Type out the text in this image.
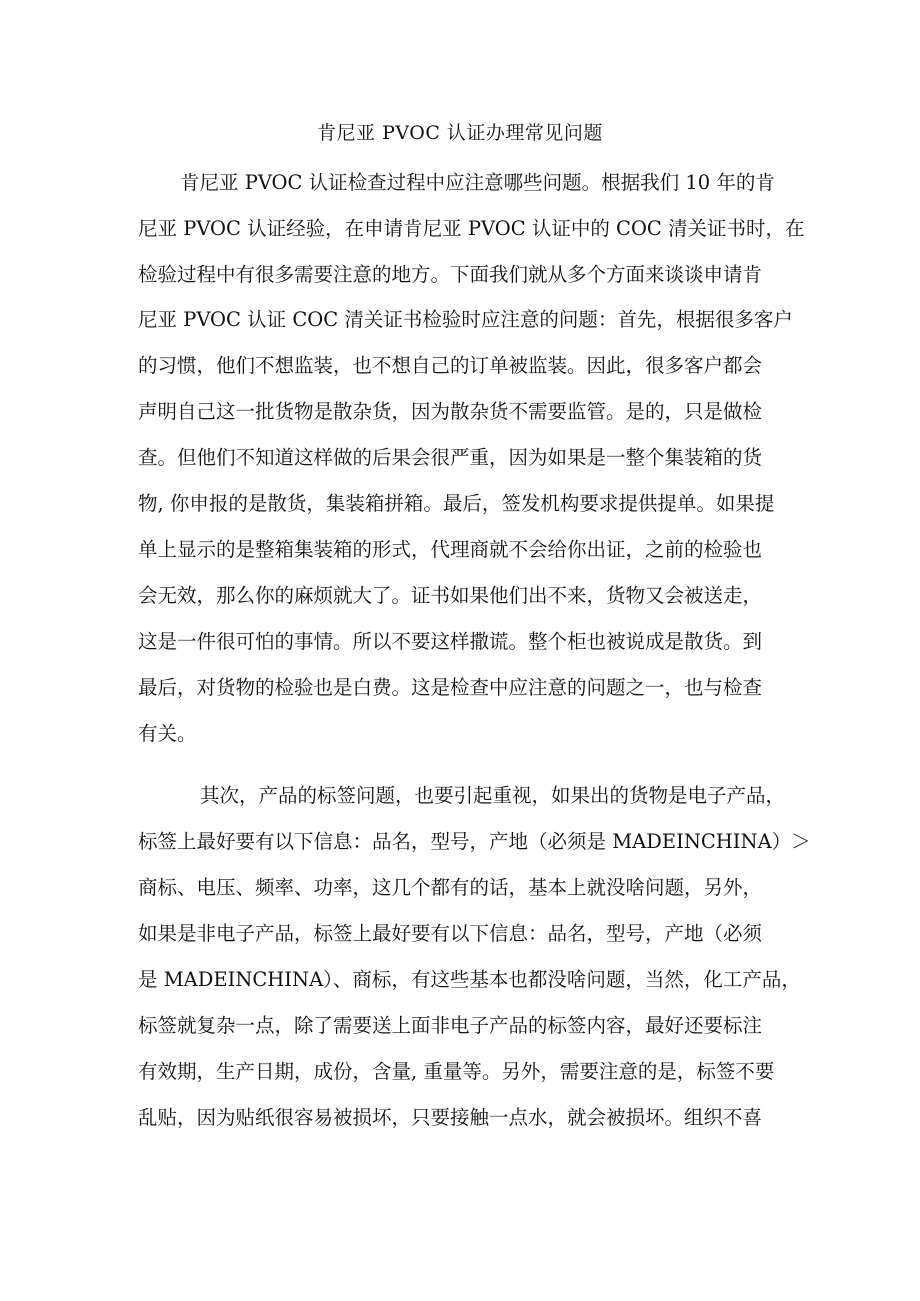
肯尼亚 PVOC 认证办理常见问题
肯尼亚 PVOC 认证检查过程中应注意哪些问题。根据我们 10 年的肯
尼亚 PVOC 认证经验，在申请肯尼亚 PVOC 认证中的 COC 清关证书时，在
检验过程中有很多需要注意的地方。下面我们就从多个方面来谈谈申请肯
尼亚 PVOC 认证 COC 清关证书检验时应注意的问题：首先，根据很多客户
的习惯，他们不想监装，也不想自己的订单被监装。因此，很多客户都会
声明自己这一批货物是散杂货，因为散杂货不需要监管。是的，只是做检
查。但他们不知道这样做的后果会很严重，因为如果是一整个集装箱的货
物, 你申报的是散货，集装箱拼箱。最后，签发机构要求提供提单。如果提
单上显示的是整箱集装箱的形式，代理商就不会给你出证，之前的检验也
会无效，那么你的麻烦就大了。证书如果他们出不来，货物又会被送走，
这是一件很可怕的事情。所以不要这样撒谎。整个柜也被说成是散货。到
最后，对货物的检验也是白费。这是检查中应注意的问题之一，也与检查
有关。
其次，产品的标签问题，也要引起重视，如果出的货物是电子产品，
标签上最好要有以下信息：品名，型号，产地（必须是 MADEINCHINA）＞
商标、电压、频率、功率，这几个都有的话，基本上就没啥问题，另外，
如果是非电子产品，标签上最好要有以下信息：品名，型号，产地（必须
是 MADEINCHINA）、商标，有这些基本也都没啥问题，当然，化工产品，
标签就复杂一点，除了需要送上面非电子产品的标签内容，最好还要标注
有效期，生产日期，成份，含量, 重量等。另外，需要注意的是，标签不要
乱贴，因为贴纸很容易被损坏，只要接触一点水，就会被损坏。组织不喜
